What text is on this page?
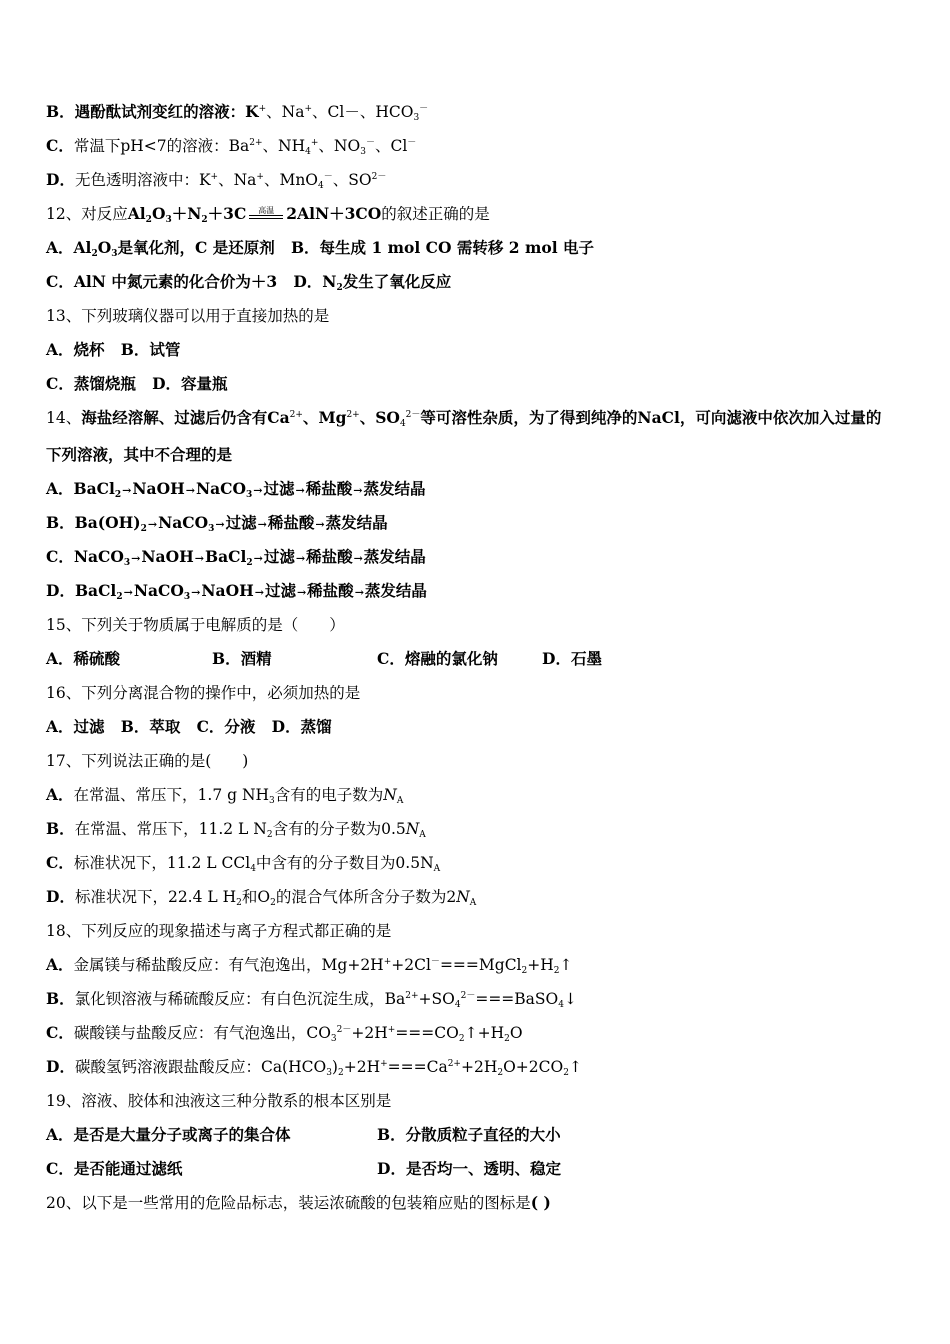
B．遇酚酞试剂变红的溶液：K+、Na+、Cl－、$HCO_3^-$
C．常温下pH<7的溶液：$Ba^{2+}$、$NH_4^+$、$NO_3^-$、Cl－
D．无色透明溶液中：K+、Na+、MnO$_4$－、$SO^{2-}$
12、对反应$Al_2O_3+N_2+3C$	高温 2AlN＋3CO的叙述正确的是
A．$Al_2O_3$是氧化剂，C 是还原剂 B．每生成 1 mol CO 需转移 2 mol 电子
C．AlN 中氮元素的化合价为＋3 D．$N_2$发生了氧化反应
13、下列玻璃仪器可以用于直接加热的是
A．烧杯 B．试管
C．蒸馏烧瓶 D．容量瓶
14、海盐经溶解、过滤后仍含有$Ca^{2+}$、$Mg^{2+}$、$SO_4^{2-}$等可溶性杂质，为了得到纯净的NaCl，可向滤液中依次加入过量的
下列溶液，其中不合理的是
A．BaCl$_2$→NaOH→NaCO$_3$→过滤→稀盐酸→蒸发结晶
B．$Ba(OH)_2\to NaCO_3\to$过滤→稀盐酸→蒸发结晶
C．NaCO$_3$→NaOH→BaCl$_2$→过滤→稀盐酸→蒸发结晶
D．BaCl$_2$→NaCO$_3$→NaOH→过滤→稀盐酸→蒸发结晶
15、下列关于物质属于电解质的是（　　）
A．稀硫酸	B．酒精	C．熔融的氯化钠	D．石墨
16、下列分离混合物的操作中，必须加热的是
A．过滤 B．萃取 C．分液 D．蒸馏
17、下列说法正确的是(　　)
A．在常温、常压下，1.7 g $NH_3$含有的电子数为$N_A$
B．在常温、常压下，11.2 L $N_2$含有的分子数为$0.5N_A$
C．标准状况下，11.2 L CCl$_4$中含有的分子数目为$0.5N_A$
D．标准状况下，22.4 L $H_2$和$O_2$的混合气体所含分子数为$2N_A$
18、下列反应的现象描述与离子方程式都正确的是
A．金属镁与稀盐酸反应：有气泡逸出，$Mg+2H^++2Cl^-===MgCl_2+H_2↑$
B．氯化钡溶液与稀硫酸反应：有白色沉淀生成，$Ba^{2+}+SO_4^{2-}===BaSO_4↓$
C．碳酸镁与盐酸反应：有气泡逸出，$CO_3^{2-}+2H^+===CO_2↑+H_2O$
D．碳酸氢钙溶液跟盐酸反应：$Ca(HCO_3)_2+2H^+===Ca^{2+}+2H_2O+2CO_2↑$
19、溶液、胶体和浊液这三种分散系的根本区别是
A．是否是大量分子或离子的集合体	B．分散质粒子直径的大小
C．是否能通过滤纸	D．是否均一、透明、稳定
20、以下是一些常用的危险品标志，装运浓硫酸的包装箱应贴的图标是( )
